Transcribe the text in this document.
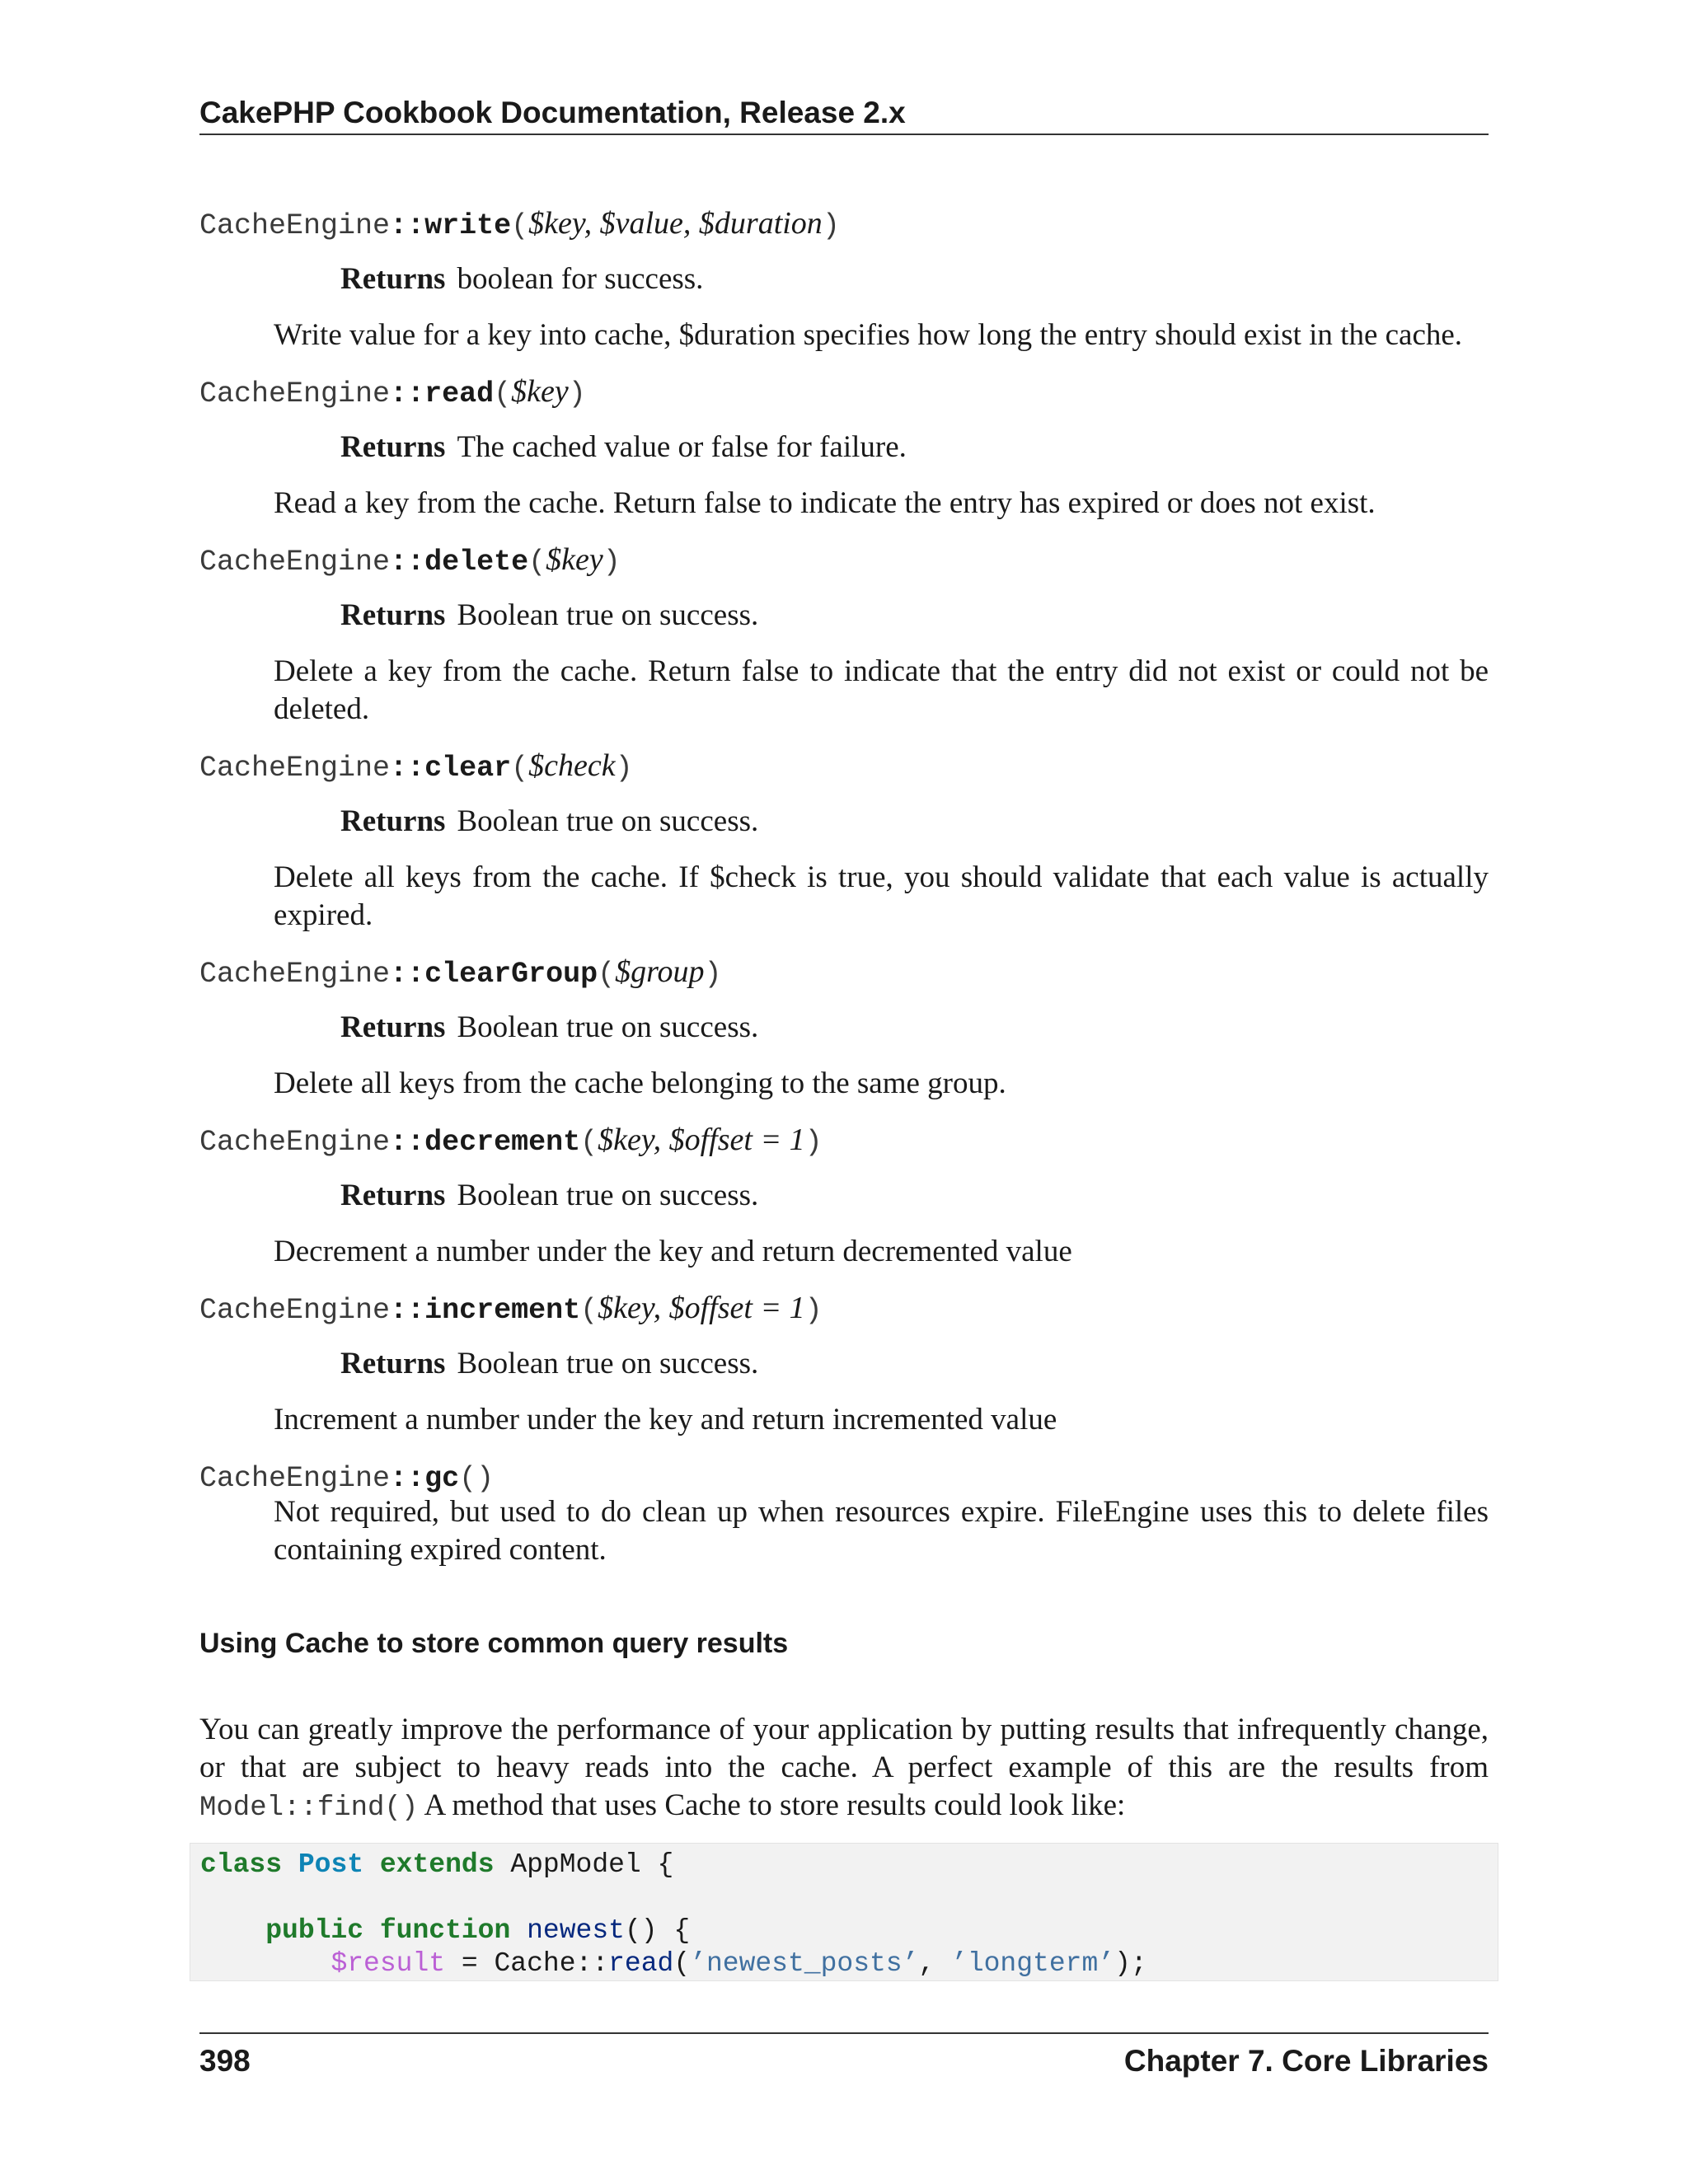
CakePHP Cookbook Documentation, Release 2.x
CacheEngine::write($key, $value, $duration)
Returns boolean for success.
Write value for a key into cache, $duration specifies how long the entry should exist in the cache.
CacheEngine::read($key)
Returns The cached value or false for failure.
Read a key from the cache. Return false to indicate the entry has expired or does not exist.
CacheEngine::delete($key)
Returns Boolean true on success.
Delete a key from the cache. Return false to indicate that the entry did not exist or could not be deleted.
CacheEngine::clear($check)
Returns Boolean true on success.
Delete all keys from the cache. If $check is true, you should validate that each value is actually expired.
CacheEngine::clearGroup($group)
Returns Boolean true on success.
Delete all keys from the cache belonging to the same group.
CacheEngine::decrement($key, $offset = 1)
Returns Boolean true on success.
Decrement a number under the key and return decremented value
CacheEngine::increment($key, $offset = 1)
Returns Boolean true on success.
Increment a number under the key and return incremented value
CacheEngine::gc()
Not required, but used to do clean up when resources expire. FileEngine uses this to delete files containing expired content.
Using Cache to store common query results
You can greatly improve the performance of your application by putting results that infrequently change, or that are subject to heavy reads into the cache. A perfect example of this are the results from Model::find() A method that uses Cache to store results could look like:
class Post extends AppModel {

public function newest() {
$result = Cache::read(’newest_posts’, ’longterm’);
398	Chapter 7. Core Libraries
